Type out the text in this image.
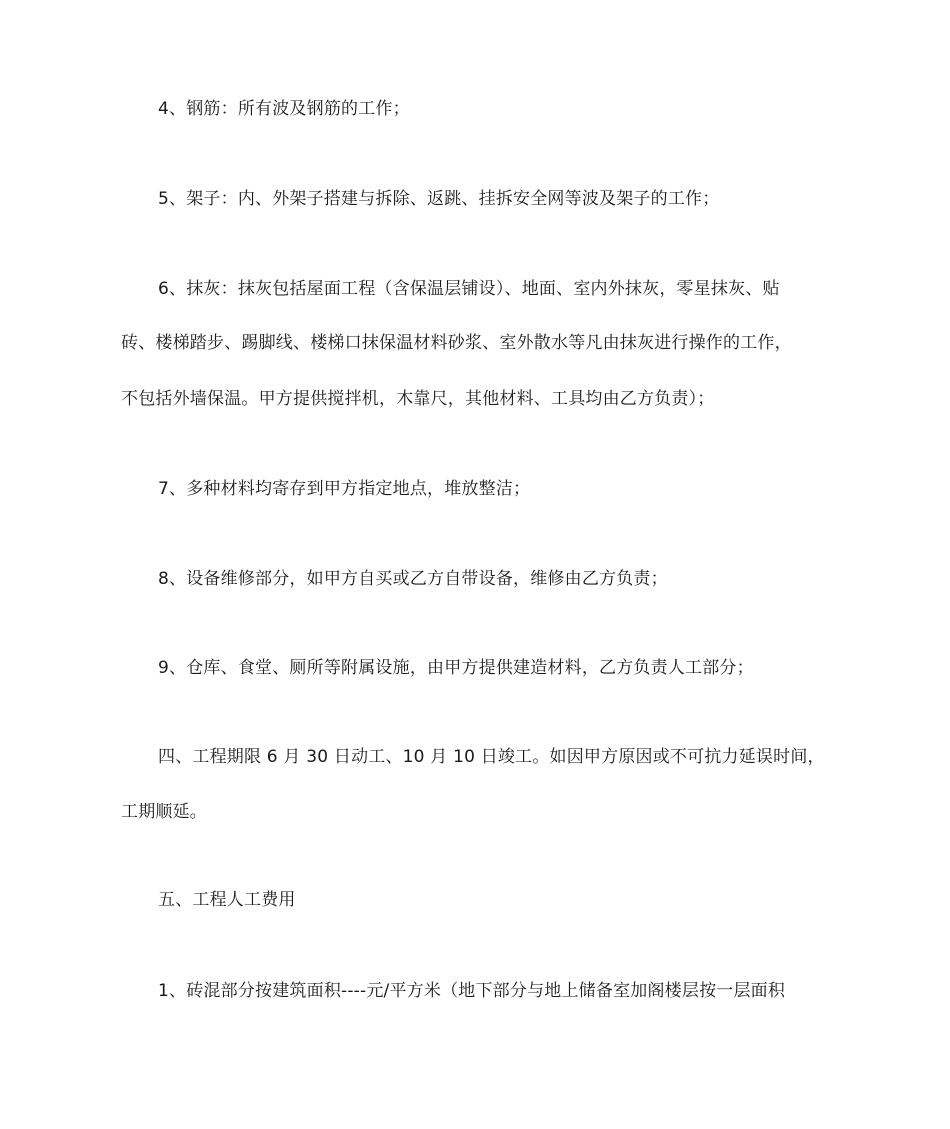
4、钢筋：所有波及钢筋的工作；
5、架子：内、外架子搭建与拆除、返跳、挂拆安全网等波及架子的工作；
6、抹灰：抹灰包括屋面工程（含保温层铺设）、地面、室内外抹灰，零星抹灰、贴
砖、楼梯踏步、踢脚线、楼梯口抹保温材料砂浆、室外散水等凡由抹灰进行操作的工作，
不包括外墙保温。甲方提供搅拌机，木靠尺，其他材料、工具均由乙方负责）；
7、多种材料均寄存到甲方指定地点，堆放整洁；
8、设备维修部分，如甲方自买或乙方自带设备，维修由乙方负责；
9、仓库、食堂、厕所等附属设施，由甲方提供建造材料，乙方负责人工部分；
四、工程期限 6 月 30 日动工、10 月 10 日竣工。如因甲方原因或不可抗力延误时间，
工期顺延。
五、工程人工费用
1、砖混部分按建筑面积----元/平方米（地下部分与地上储备室加阁楼层按一层面积
